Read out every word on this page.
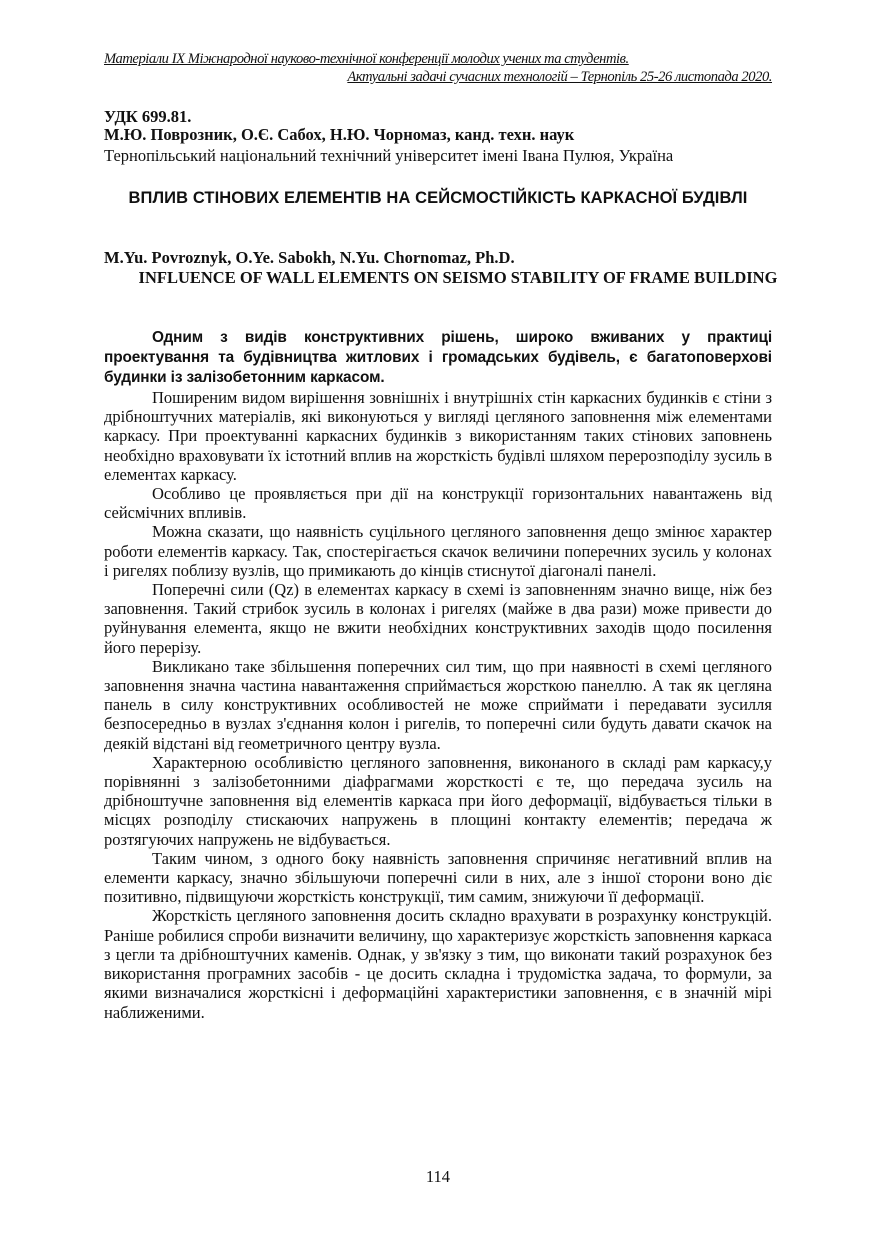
Матеріали IX Міжнародної науково-технічної конференції молодих учених та студентів.
Актуальні задачі сучасних технологій – Тернопіль 25-26 листопада 2020.
УДК 699.81.
М.Ю. Поврозник, О.Є. Сабох, Н.Ю. Чорномаз, канд. техн. наук
Тернопільський національний технічний університет імені Івана Пулюя, Україна
ВПЛИВ СТІНОВИХ ЕЛЕМЕНТІВ НА СЕЙСМОСТІЙКІСТЬ КАРКАСНОЇ БУДІВЛІ
M.Yu. Povroznyk, O.Ye. Sabokh, N.Yu. Chornomaz, Ph.D.
INFLUENCE OF WALL ELEMENTS ON SEISMO STABILITY OF FRAME BUILDING

Одним з видів конструктивних рішень, широко вживаних у практиці проектування та будівництва житлових і громадських будівель, є багатоповерхові будинки із залізобетонним каркасом.

Поширеним видом вирішення зовнішніх і внутрішніх стін каркасних будинків є стіни з дрібноштучних матеріалів, які виконуються у вигляді цегляного заповнення між елементами каркасу. При проектуванні каркасних будинків з використанням таких стінових заповнень необхідно враховувати їх істотний вплив на жорсткість будівлі шляхом перерозподілу зусиль в елементах каркасу.

Особливо це проявляється при дії на конструкції горизонтальних навантажень від сейсмічних впливів.

Можна сказати, що наявність суцільного цегляного заповнення дещо змінює характер роботи елементів каркасу. Так, спостерігається скачок величини поперечних зусиль у колонах і ригелях поблизу вузлів, що примикають до кінців стиснутої діагоналі панелі.

Поперечні сили (Qz) в елементах каркасу в схемі із заповненням значно вище, ніж без заповнення. Такий стрибок зусиль в колонах і ригелях (майже в два рази) може привести до руйнування елемента, якщо не вжити необхідних конструктивних заходів щодо посилення його перерізу.

Викликано таке збільшення поперечних сил тим, що при наявності в схемі цегляного заповнення значна частина навантаження сприймається жорсткою панеллю. А так як цегляна панель в силу конструктивних особливостей не може сприймати і передавати зусилля безпосередньо в вузлах з'єднання колон і ригелів, то поперечні сили будуть давати скачок на деякій відстані від геометричного центру вузла.

Характерною особливістю цегляного заповнення, виконаного в складі рам каркасу,у порівнянні з залізобетонними діафрагмами жорсткості є те, що передача зусиль на дрібноштучне заповнення від елементів каркаса при його деформації, відбувається тільки в місцях розподілу стискаючих напружень в площині контакту елементів; передача ж розтягуючих напружень не відбувається.

Таким чином, з одного боку наявність заповнення спричиняє негативний вплив на елементи каркасу, значно збільшуючи поперечні сили в них, але з іншої сторони воно діє позитивно, підвищуючи жорсткість конструкції, тим самим, знижуючи її деформації.

Жорсткість цегляного заповнення досить складно врахувати в розрахунку конструкцій. Раніше робилися спроби визначити величину, що характеризує жорсткість заповнення каркаса з цегли та дрібноштучних каменів. Однак, у зв'язку з тим, що виконати такий розрахунок без використання програмних засобів - це досить складна і трудомістка задача, то формули, за якими визначалися жорсткісні і деформаційні характеристики заповнення, є в значній мірі наближеними.

114
